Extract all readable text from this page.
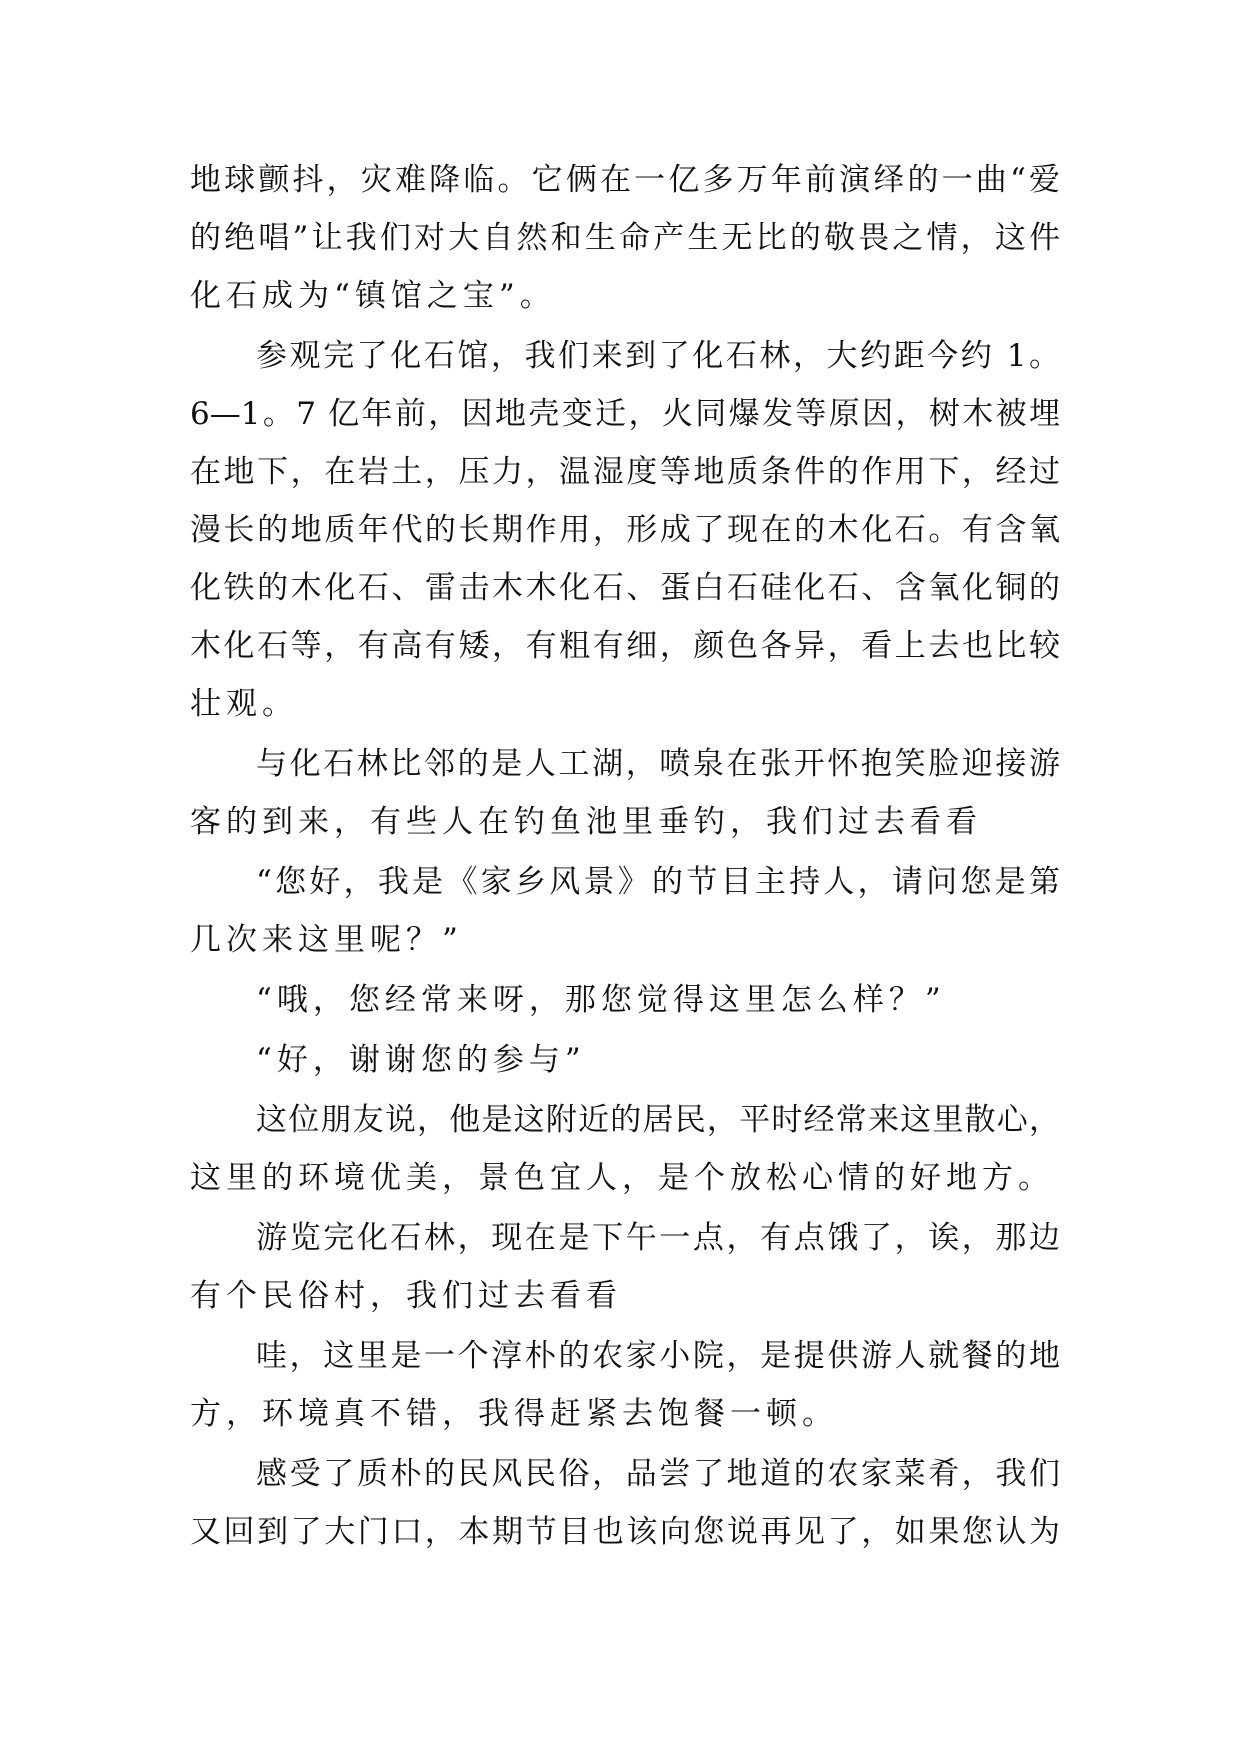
地球颤抖，灾难降临。它俩在一亿多万年前演绎的一曲“爱
的绝唱”让我们对大自然和生命产生无比的敬畏之情，这件
化石成为“镇馆之宝”。
参观完了化石馆，我们来到了化石林，大约距今约 1。
6—1。7 亿年前，因地壳变迁，火同爆发等原因，树木被埋
在地下，在岩土，压力，温湿度等地质条件的作用下，经过
漫长的地质年代的长期作用，形成了现在的木化石。有含氧
化铁的木化石、雷击木木化石、蛋白石硅化石、含氧化铜的
木化石等，有高有矮，有粗有细，颜色各异，看上去也比较
壮观。
与化石林比邻的是人工湖，喷泉在张开怀抱笑脸迎接游
客的到来，有些人在钓鱼池里垂钓，我们过去看看
“您好，我是《家乡风景》的节目主持人，请问您是第
几次来这里呢？”
“哦，您经常来呀，那您觉得这里怎么样？”
“好，谢谢您的参与”
这位朋友说，他是这附近的居民，平时经常来这里散心，
这里的环境优美，景色宜人，是个放松心情的好地方。
游览完化石林，现在是下午一点，有点饿了，诶，那边
有个民俗村，我们过去看看
哇，这里是一个淳朴的农家小院，是提供游人就餐的地
方，环境真不错，我得赶紧去饱餐一顿。
感受了质朴的民风民俗，品尝了地道的农家菜肴，我们
又回到了大门口，本期节目也该向您说再见了，如果您认为
